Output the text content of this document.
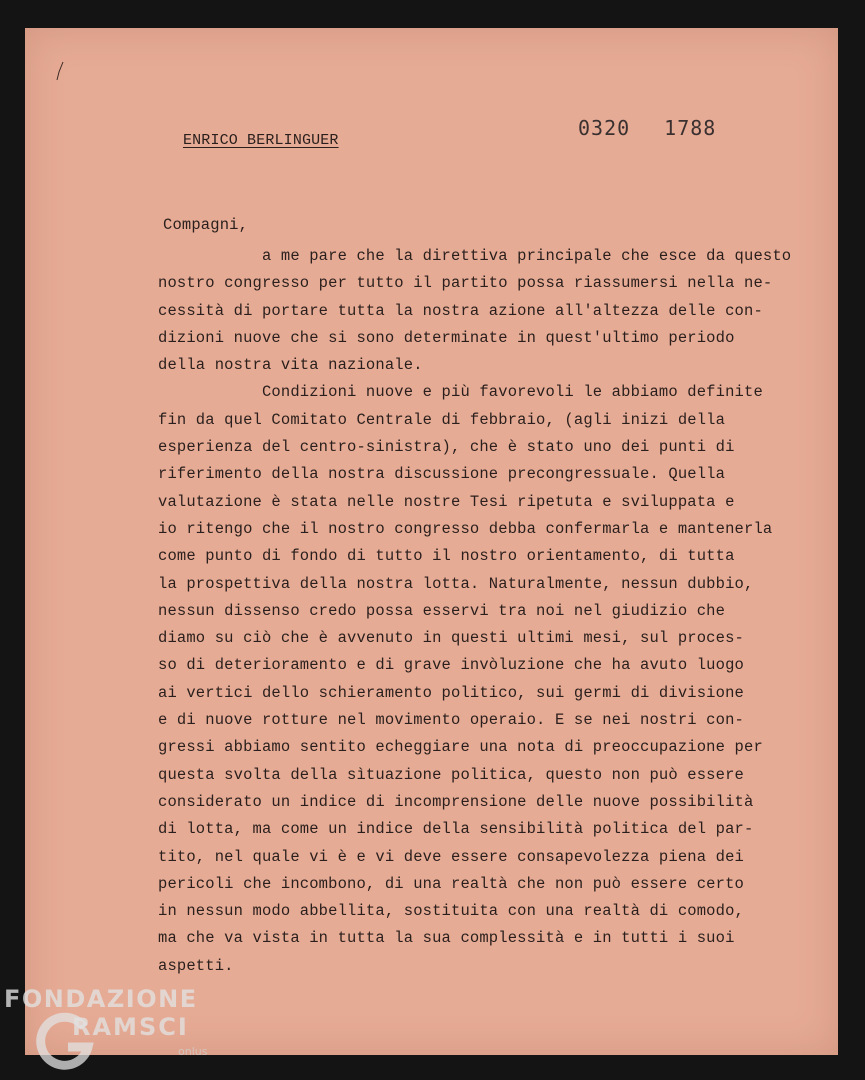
ENRICO BERLINGUER
0320 1788
Compagni,
a me pare che la direttiva principale che esce da questo
nostro congresso per tutto il partito possa riassumersi nella ne-
cessità di portare tutta la nostra azione all'altezza delle con-
dizioni nuove che si sono determinate in quest'ultimo periodo
della nostra vita nazionale.
Condizioni nuove e più favorevoli le abbiamo definite
fin da quel Comitato Centrale di febbraio, (agli inizi della
esperienza del centro-sinistra), che è stato uno dei punti di
riferimento della nostra discussione precongressuale. Quella
valutazione è stata nelle nostre Tesi ripetuta e sviluppata e
io ritengo che il nostro congresso debba confermarla e mantenerla
come punto di fondo di tutto il nostro orientamento, di tutta
la prospettiva della nostra lotta. Naturalmente, nessun dubbio,
nessun dissenso credo possa esservi tra noi nel giudizio che
diamo su ciò che è avvenuto in questi ultimi mesi, sul proces-
so di deterioramento e di grave invòluzione che ha avuto luogo
ai vertici dello schieramento politico, sui germi di divisione
e di nuove rotture nel movimento operaio. E se nei nostri con-
gressi abbiamo sentito echeggiare una nota di preoccupazione per
questa svolta della sìtuazione politica, questo non può essere
considerato un indice di incomprensione delle nuove possibilità
di lotta, ma come un indice della sensibilità politica del par-
tito, nel quale vi è e vi deve essere consapevolezza piena dei
pericoli che incombono, di una realtà che non può essere certo
in nessun modo abbellita, sostituita con una realtà di comodo,
ma che va vista in tutta la sua complessità e in tutti i suoi
aspetti.
FONDAZIONE
RAMSCI
onlus
